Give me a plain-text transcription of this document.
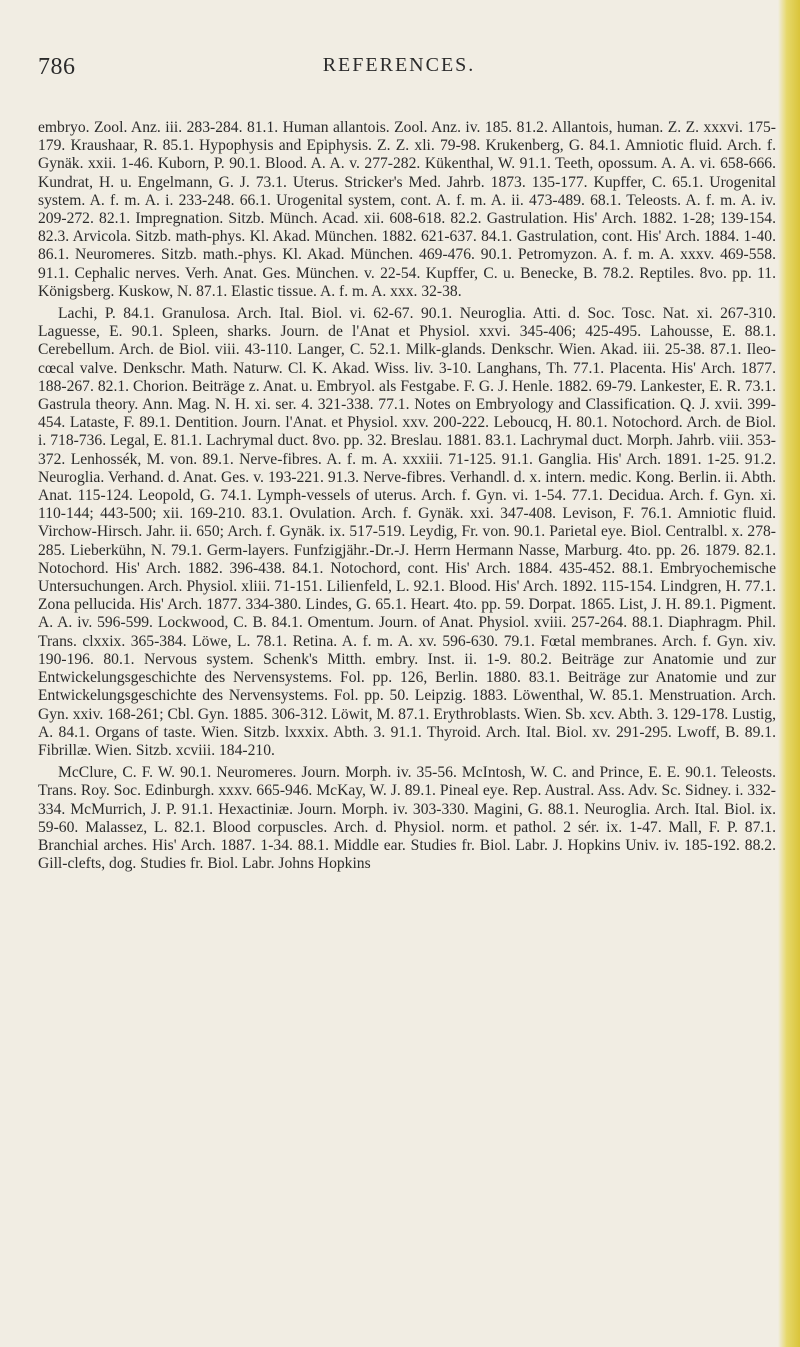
786	REFERENCES.

embryo. Zool. Anz. iii. 283-284. 81.1. Human allantois. Zool. Anz. iv. 185. 81.2. Allantois, human. Z. Z. xxxvi. 175-179. Kraushaar, R. 85.1. Hypophysis and Epiphysis. Z. Z. xli. 79-98. Krukenberg, G. 84.1. Amniotic fluid. Arch. f. Gynäk. xxii. 1-46. Kuborn, P. 90.1. Blood. A. A. v. 277-282. Kükenthal, W. 91.1. Teeth, opossum. A. A. vi. 658-666. Kundrat, H. u. Engelmann, G. J. 73.1. Uterus. Stricker's Med. Jahrb. 1873. 135-177. Kupffer, C. 65.1. Urogenital system. A. f. m. A. i. 233-248. 66.1. Urogenital system, cont. A. f. m. A. ii. 473-489. 68.1. Teleosts. A. f. m. A. iv. 209-272. 82.1. Impregnation. Sitzb. Münch. Acad. xii. 608-618. 82.2. Gastrulation. His' Arch. 1882. 1-28; 139-154. 82.3. Arvicola. Sitzb. math-phys. Kl. Akad. München. 1882. 621-637. 84.1. Gastrulation, cont. His' Arch. 1884. 1-40. 86.1. Neuromeres. Sitzb. math.-phys. Kl. Akad. München. 469-476. 90.1. Petromyzon. A. f. m. A. xxxv. 469-558. 91.1. Cephalic nerves. Verh. Anat. Ges. München. v. 22-54. Kupffer, C. u. Benecke, B. 78.2. Reptiles. 8vo. pp. 11. Königsberg. Kuskow, N. 87.1. Elastic tissue. A. f. m. A. xxx. 32-38.

Lachi, P. 84.1. Granulosa. Arch. Ital. Biol. vi. 62-67. 90.1. Neuroglia. Atti. d. Soc. Tosc. Nat. xi. 267-310. Laguesse, E. 90.1. Spleen, sharks. Journ. de l'Anat et Physiol. xxvi. 345-406; 425-495. Lahousse, E. 88.1. Cerebellum. Arch. de Biol. viii. 43-110. Langer, C. 52.1. Milk-glands. Denkschr. Wien. Akad. iii. 25-38. 87.1. Ileo-cœcal valve. Denkschr. Math. Naturw. Cl. K. Akad. Wiss. liv. 3-10. Langhans, Th. 77.1. Placenta. His' Arch. 1877. 188-267. 82.1. Chorion. Beiträge z. Anat. u. Embryol. als Festgabe. F. G. J. Henle. 1882. 69-79. Lankester, E. R. 73.1. Gastrula theory. Ann. Mag. N. H. xi. ser. 4. 321-338. 77.1. Notes on Embryology and Classification. Q. J. xvii. 399-454. Lataste, F. 89.1. Dentition. Journ. l'Anat. et Physiol. xxv. 200-222. Leboucq, H. 80.1. Notochord. Arch. de Biol. i. 718-736. Legal, E. 81.1. Lachrymal duct. 8vo. pp. 32. Breslau. 1881. 83.1. Lachrymal duct. Morph. Jahrb. viii. 353-372. Lenhossék, M. von. 89.1. Nerve-fibres. A. f. m. A. xxxiii. 71-125. 91.1. Ganglia. His' Arch. 1891. 1-25. 91.2. Neuroglia. Verhand. d. Anat. Ges. v. 193-221. 91.3. Nerve-fibres. Verhandl. d. x. intern. medic. Kong. Berlin. ii. Abth. Anat. 115-124. Leopold, G. 74.1. Lymph-vessels of uterus. Arch. f. Gyn. vi. 1-54. 77.1. Decidua. Arch. f. Gyn. xi. 110-144; 443-500; xii. 169-210. 83.1. Ovulation. Arch. f. Gynäk. xxi. 347-408. Levison, F. 76.1. Amniotic fluid. Virchow-Hirsch. Jahr. ii. 650; Arch. f. Gynäk. ix. 517-519. Leydig, Fr. von. 90.1. Parietal eye. Biol. Centralbl. x. 278-285. Lieberkühn, N. 79.1. Germ-layers. Funfzigjähr.-Dr.-J. Herrn Hermann Nasse, Marburg. 4to. pp. 26. 1879. 82.1. Notochord. His' Arch. 1882. 396-438. 84.1. Notochord, cont. His' Arch. 1884. 435-452. 88.1. Embryochemische Untersuchungen. Arch. Physiol. xliii. 71-151. Lilienfeld, L. 92.1. Blood. His' Arch. 1892. 115-154. Lindgren, H. 77.1. Zona pellucida. His' Arch. 1877. 334-380. Lindes, G. 65.1. Heart. 4to. pp. 59. Dorpat. 1865. List, J. H. 89.1. Pigment. A. A. iv. 596-599. Lockwood, C. B. 84.1. Omentum. Journ. of Anat. Physiol. xviii. 257-264. 88.1. Diaphragm. Phil. Trans. clxxix. 365-384. Löwe, L. 78.1. Retina. A. f. m. A. xv. 596-630. 79.1. Fœtal membranes. Arch. f. Gyn. xiv. 190-196. 80.1. Nervous system. Schenk's Mitth. embry. Inst. ii. 1-9. 80.2. Beiträge zur Anatomie und zur Entwickelungsgeschichte des Nervensystems. Fol. pp. 126, Berlin. 1880. 83.1. Beiträge zur Anatomie und zur Entwickelungsgeschichte des Nervensystems. Fol. pp. 50. Leipzig. 1883. Löwenthal, W. 85.1. Menstruation. Arch. Gyn. xxiv. 168-261; Cbl. Gyn. 1885. 306-312. Löwit, M. 87.1. Erythroblasts. Wien. Sb. xcv. Abth. 3. 129-178. Lustig, A. 84.1. Organs of taste. Wien. Sitzb. lxxxix. Abth. 3. 91.1. Thyroid. Arch. Ital. Biol. xv. 291-295. Lwoff, B. 89.1. Fibrillæ. Wien. Sitzb. xcviii. 184-210.

McClure, C. F. W. 90.1. Neuromeres. Journ. Morph. iv. 35-56. McIntosh, W. C. and Prince, E. E. 90.1. Teleosts. Trans. Roy. Soc. Edinburgh. xxxv. 665-946. McKay, W. J. 89.1. Pineal eye. Rep. Austral. Ass. Adv. Sc. Sidney. i. 332-334. McMurrich, J. P. 91.1. Hexactiniæ. Journ. Morph. iv. 303-330. Magini, G. 88.1. Neuroglia. Arch. Ital. Biol. ix. 59-60. Malassez, L. 82.1. Blood corpuscles. Arch. d. Physiol. norm. et pathol. 2 sér. ix. 1-47. Mall, F. P. 87.1. Branchial arches. His' Arch. 1887. 1-34. 88.1. Middle ear. Studies fr. Biol. Labr. J. Hopkins Univ. iv. 185-192. 88.2. Gill-clefts, dog. Studies fr. Biol. Labr. Johns Hopkins
